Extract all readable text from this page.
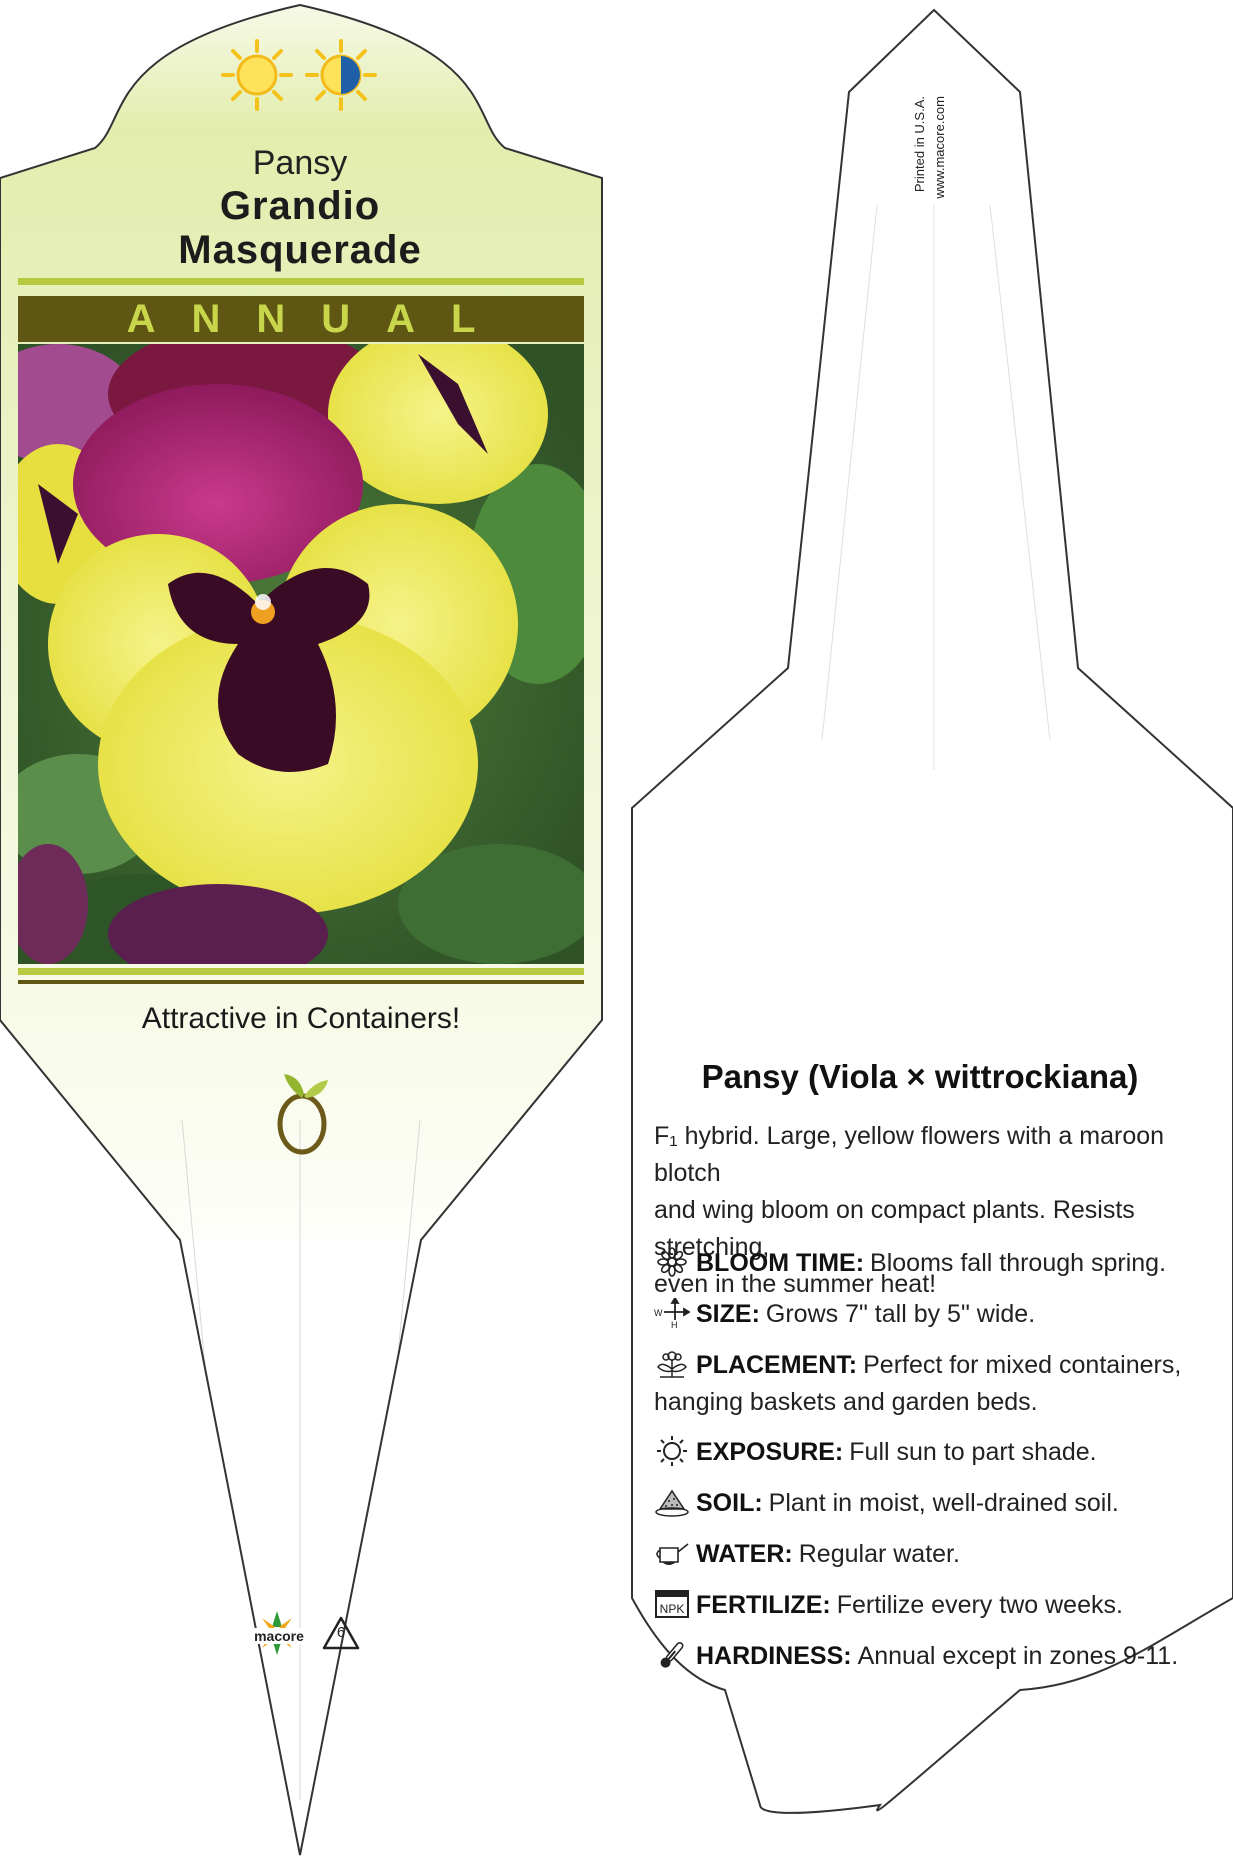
Pansy
Grandio
Masquerade
ANNUAL
Attractive in Containers!
macore	6
Printed in U.S.A. www.macore.com
Pansy (Viola × wittrockiana)
F₁ hybrid. Large, yellow flowers with a maroon blotch
and wing bloom on compact plants. Resists stretching,
even in the summer heat!
BLOOM TIME: Blooms fall through spring.
W
H SIZE: Grows 7" tall by 5" wide.
PLACEMENT: Perfect for mixed containers,
hanging baskets and garden beds.
EXPOSURE: Full sun to part shade.
SOIL: Plant in moist, well-drained soil.
WATER: Regular water.
NPK FERTILIZE: Fertilize every two weeks.
HARDINESS: Annual except in zones 9-11.
